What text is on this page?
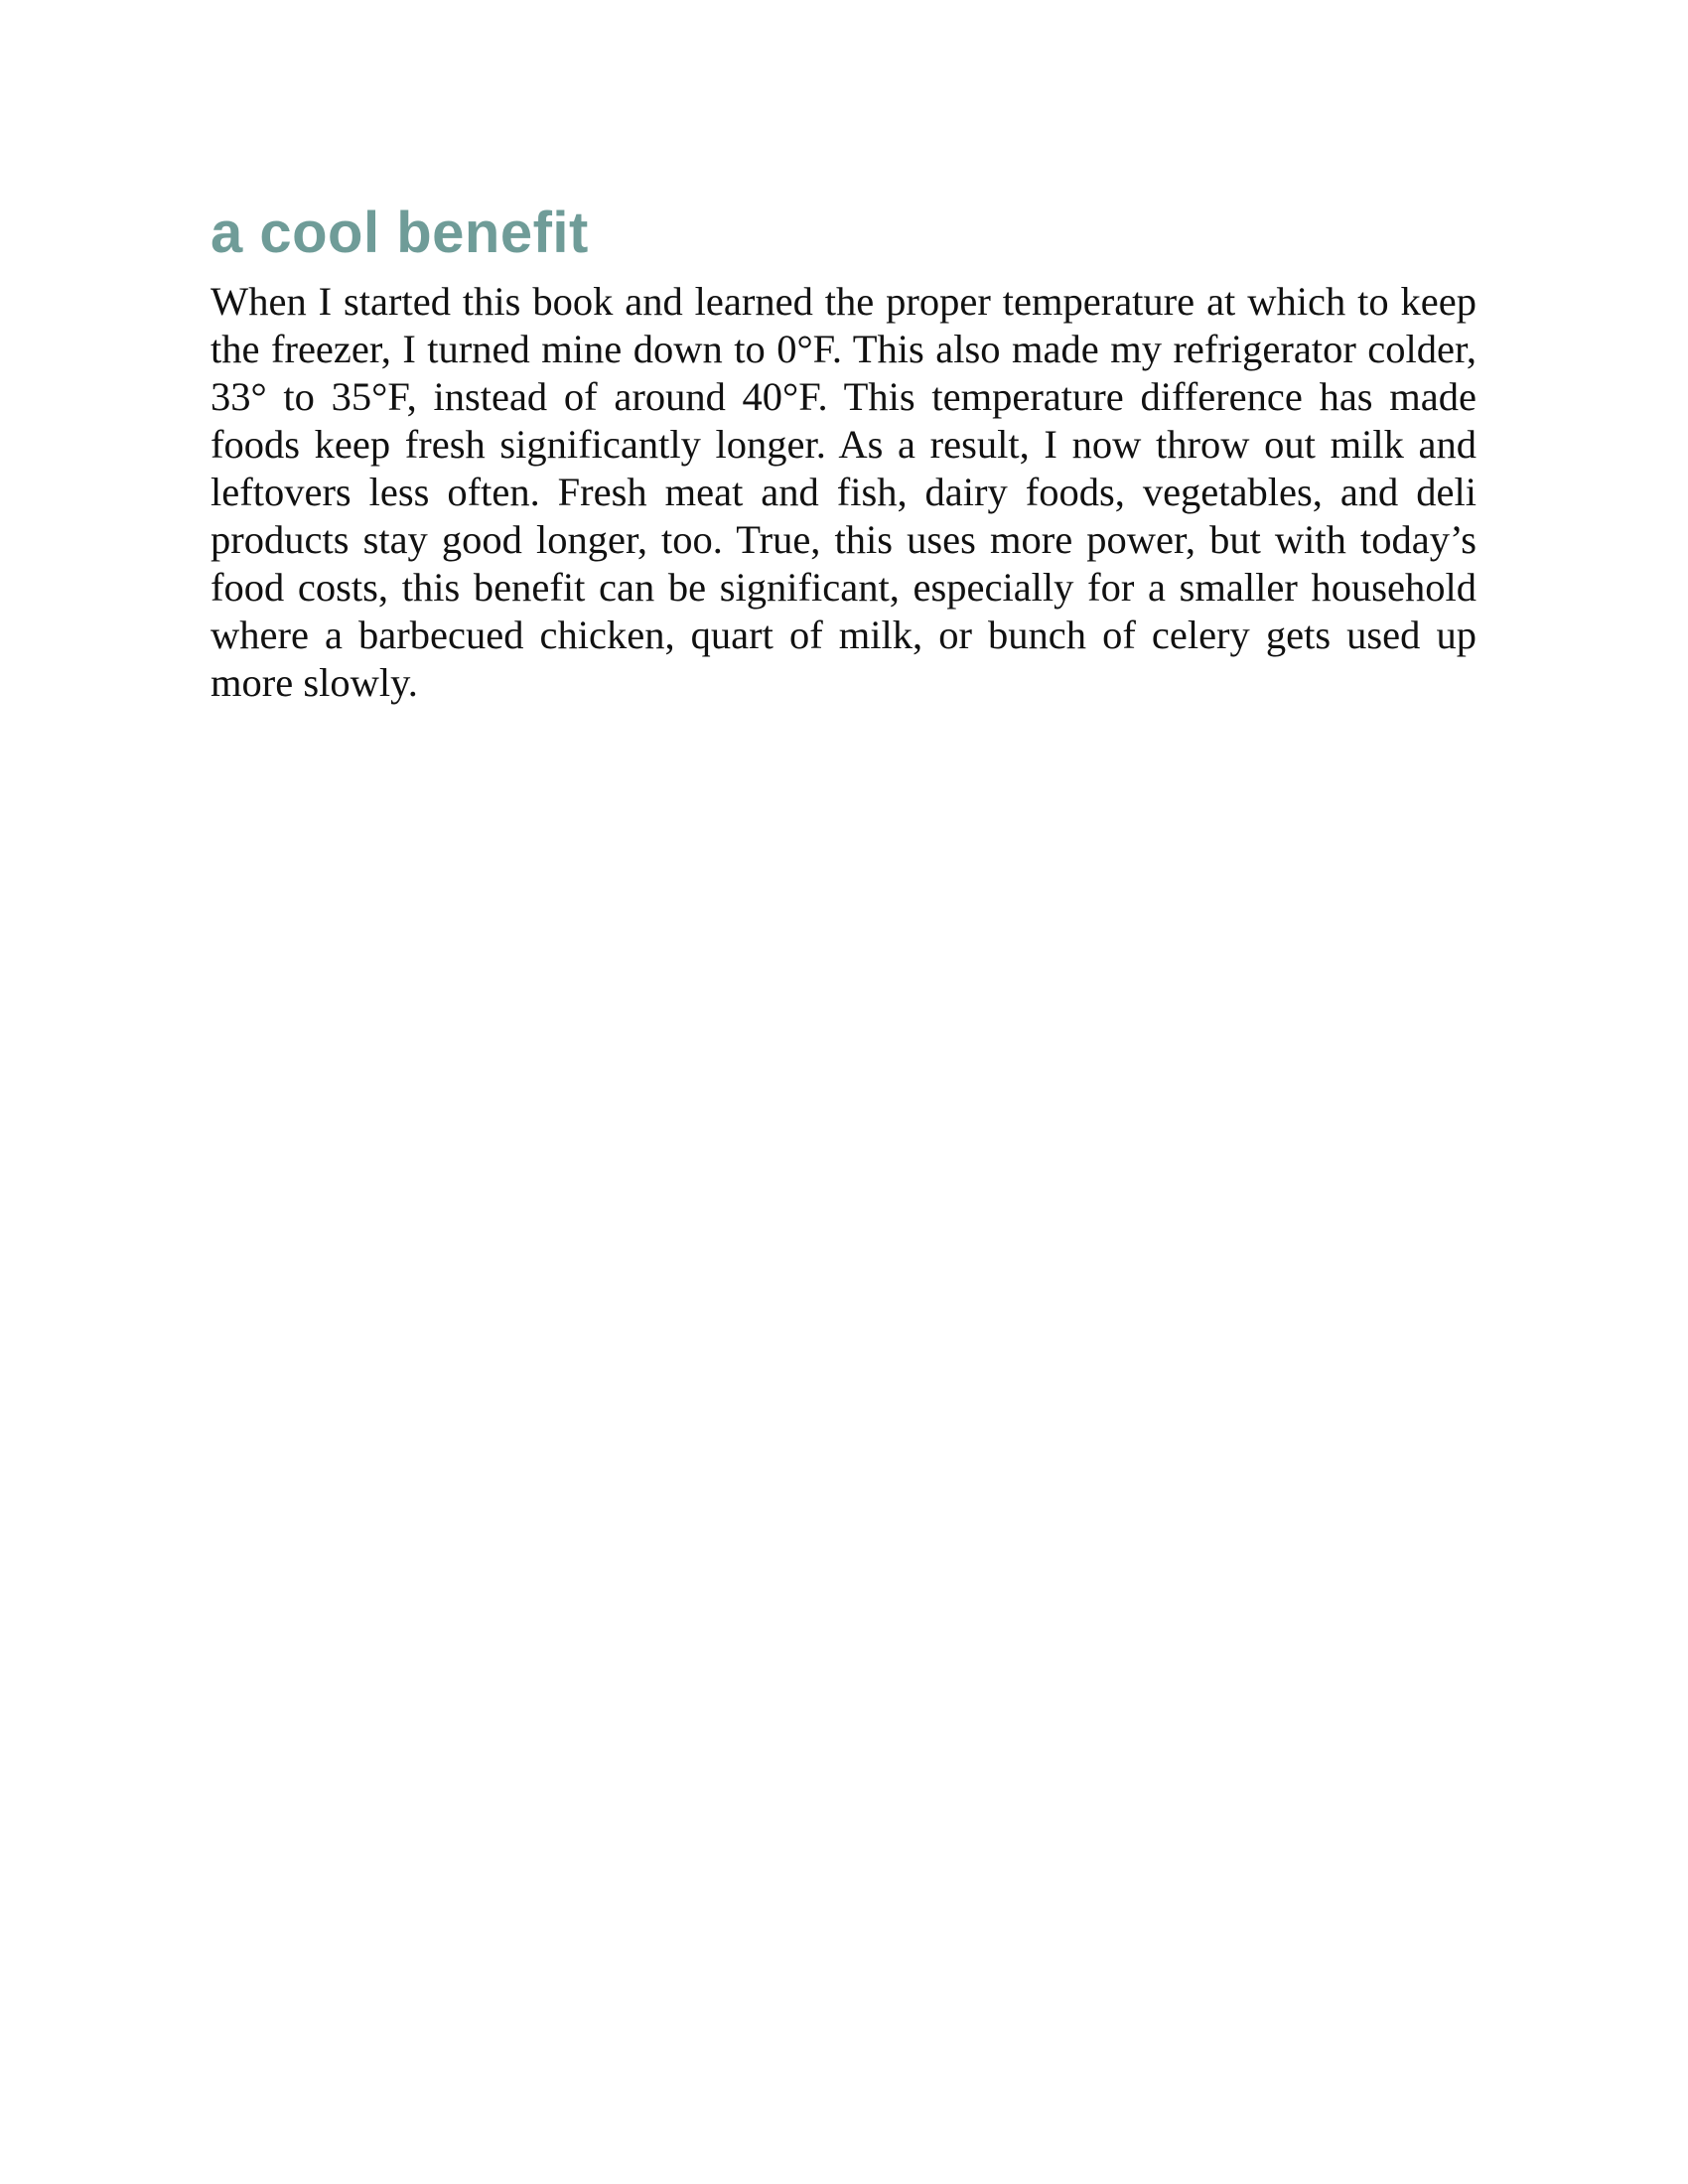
a cool benefit

When I started this book and learned the proper temperature at which to keep the freezer, I turned mine down to 0°F. This also made my refrigerator colder, 33° to 35°F, instead of around 40°F. This temperature difference has made foods keep fresh significantly longer. As a result, I now throw out milk and leftovers less often. Fresh meat and fish, dairy foods, vegetables, and deli products stay good longer, too. True, this uses more power, but with today’s food costs, this benefit can be significant, especially for a smaller household where a barbecued chicken, quart of milk, or bunch of celery gets used up more slowly.
